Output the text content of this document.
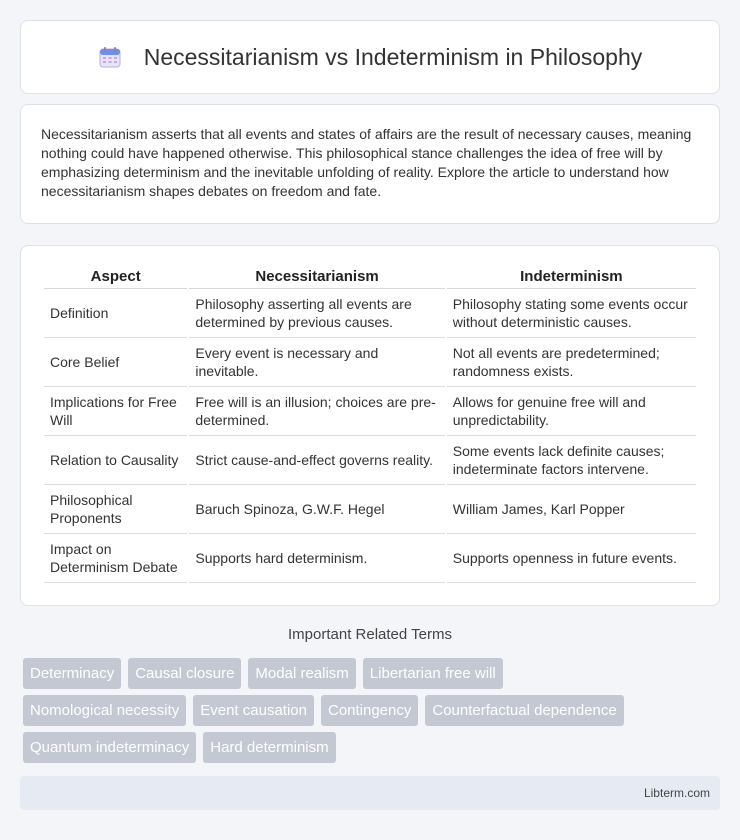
Necessitarianism vs Indeterminism in Philosophy

Necessitarianism asserts that all events and states of affairs are the result of necessary causes, meaning nothing could have happened otherwise. This philosophical stance challenges the idea of free will by emphasizing determinism and the inevitable unfolding of reality. Explore the article to understand how necessitarianism shapes debates on freedom and fate.

Aspect	Necessitarianism	Indeterminism
Definition	Philosophy asserting all events are determined by previous causes.	Philosophy stating some events occur without deterministic causes.
Core Belief	Every event is necessary and inevitable.	Not all events are predetermined; randomness exists.
Implications for Free Will	Free will is an illusion; choices are pre-determined.	Allows for genuine free will and unpredictability.
Relation to Causality	Strict cause-and-effect governs reality.	Some events lack definite causes; indeterminate factors intervene.
Philosophical Proponents	Baruch Spinoza, G.W.F. Hegel	William James, Karl Popper
Impact on Determinism Debate	Supports hard determinism.	Supports openness in future events.
Important Related Terms
Determinacy	Causal closure	Modal realism	Libertarian free will
Nomological necessity	Event causation	Contingency	Counterfactual dependence
Quantum indeterminacy	Hard determinism
Libterm.com
